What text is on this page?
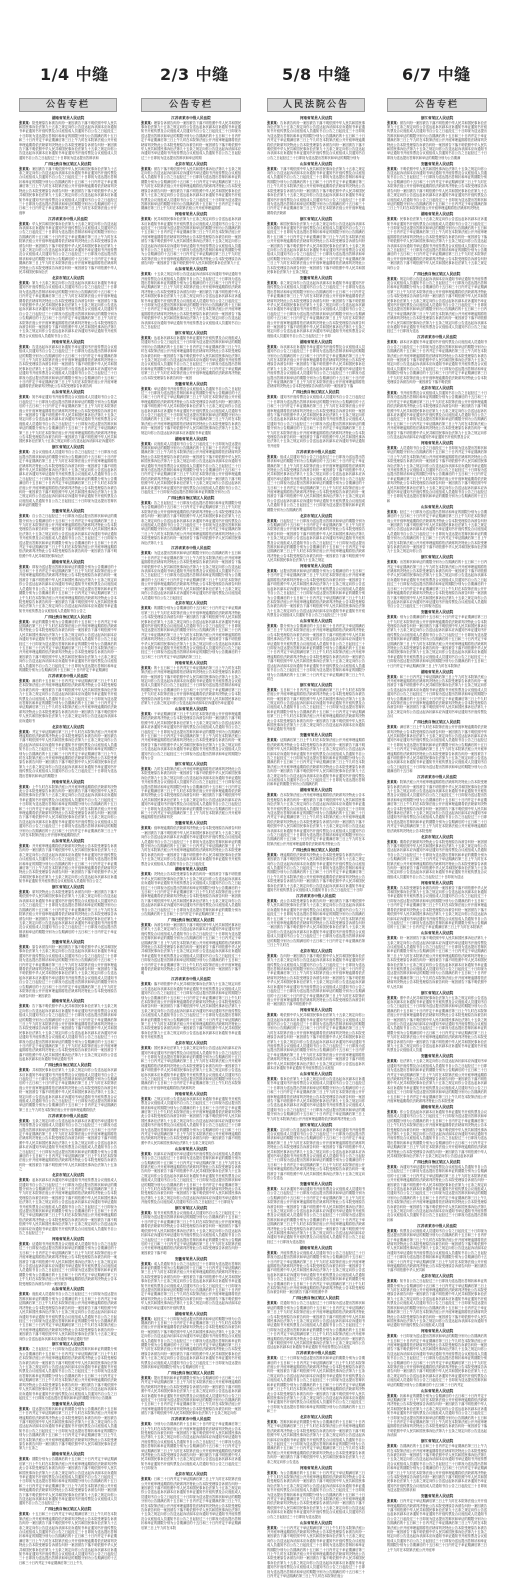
1/4 中缝	2/3 中缝	5/8 中缝	6/7 中缝
公告专栏
湖南省某县人民法院
张某某：院受理原告诉被告纠纷一案因被告下落不明依照中华人民共和国民事诉讼法第九十五条之规定向你公告送达起诉状副本应诉通知书举证通知书开庭传票及合议庭组成人员通知书自公告之日起经过三十日即视为送达提出答辩状和举证的期限分别为公告期满后的十五日和三十日内并定于举证期满后第三日上午九时在本院第法庭公开开庭审理逾期将依法缺席判决特此公告本院受理原告诉被告纠纷一案因被告下落不明依照中华人民共和国民事诉讼法第九十五条之规定向你公告送达起诉状副本应诉通知书举证通知书开庭传票及合议庭组成人员通知书自公告之日起经过三十日即视为送达提出答辩状和
广西壮族自治区某区人民法院
张某某：案因被告下落不明依照中华人民共和国民事诉讼法第九十五条之规定向你公告送达起诉状副本应诉通知书举证通知书开庭传票及合议庭组成人员通知书自公告之日起经过三十日即视为送达提出答辩状和举证的期限分别为公告期满后的十五日和三十日内并定于举证期满后第三日上午九时在本院第法庭公开开庭审理逾期将依法缺席判决特此公告本院受理原告诉被告纠纷一案因被告下落不明依照中华人民共和国民事诉讼法第九十五条之规定向你公告送达起诉状副本应诉通知书举证通知书开庭传票及合议庭组成人员通知书自公告之日起经过三十日即视为送达提出答辩状和举证的期限分别为公告期满后的十五日和三十日内并定于举证期满后第三日上午九时在本院第法庭公开开庭审
江苏省某市中级人民法院
张某某：华人民共和国民事诉讼法第九十五条之规定向你公告送达起诉状副本应诉通知书举证通知书开庭传票及合议庭组成人员通知书自公告之日起经过三十日即视为送达提出答辩状和举证的期限分别为公告期满后的十五日和三十日内并定于举证期满后第三日上午九时在本院第法庭公开开庭审理逾期将依法缺席判决特此公告本院受理原告诉被告纠纷一案因被告下落不明依照中华人民共和国民事诉讼法第九十五条之规定向你公告送达起诉状副本应诉通知书举证通知书开庭传票及合议庭组成人员通知书自公告之日起经过三十日即视为送达提出答辩状和举证的期限分别为公告期满后的十五日和三十日内并定于举证期满后第三日上午九时在本院第法庭公开开庭审理逾期将依法缺席判决特此公告本院受理原告诉被告纠纷一案因被告下落不明依照中华人民共和国民事诉讼法
北京市某区人民法院
张某某：第九十五条之规定向你公告送达起诉状副本应诉通知书举证通知书开庭传票及合议庭组成人员通知书自公告之日起经过三十日即视为送达提出答辩状和举证的期限分别为公告期满后的十五日和三十日内并定于举证期满后第三日上午九时在本院第法庭公开开庭审理逾期将依法缺席判决特此公告本院受理原告诉被告纠纷一案因被告下落不明依照中华人民共和国民事诉讼法第九十五条之规定向你公告送达起诉状副本应诉通知书举证通知书开庭传票及合议庭组成人员通知书自公告之日起经过三十日即视为送达提出答辩状和举证的期限分别为公告期满后的十五日和三十日内并定于举证期满后第三日上午九时在本院第法庭公开开庭审理逾期将依法缺席判决特此公告本院受理原告诉被告纠纷一案因被告下落不明依照中华人民共和国民事诉讼法第九十五条之规定向你公告送达起诉状副本应诉通知书举证通知书开庭传票及合议庭组成人员通知书自公告之
河南省某县人民法院
张某某：告送达起诉状副本应诉通知书举证通知书开庭传票及合议庭组成人员通知书自公告之日起经过三十日即视为送达提出答辩状和举证的期限分别为公告期满后的十五日和三十日内并定于举证期满后第三日上午九时在本院第法庭公开开庭审理逾期将依法缺席判决特此公告本院受理原告诉被告纠纷一案因被告下落不明依照中华人民共和国民事诉讼法第九十五条之规定向你公告送达起诉状副本应诉通知书举证通知书开庭传票及合议庭组成人员通知书自公告之日起经过三十日即视为送达提出答辩状和举证的期限分别为公告期满后的十五日和三十日内并定于举证期满后第三日上午九时在本院第法庭公开开庭审理逾期将依法缺席判决特此公告本院受理原告诉被告纠
山东省某县人民法院
张某某：知书举证通知书开庭传票及合议庭组成人员通知书自公告之日起经过三十日即视为送达提出答辩状和举证的期限分别为公告期满后的十五日和三十日内并定于举证期满后第三日上午九时在本院第法庭公开开庭审理逾期将依法缺席判决特此公告本院受理原告诉被告纠纷一案因被告下落不明依照中华人民共和国民事诉讼法第九十五条之规定向你公告送达起诉状副本应诉通知书举证通知书开庭传票及合议庭组成人员通知书自公告之日起经过三十日即视为送达提出答辩状和举证的期限分别为公告期满后的十五日和三十日内并定于举证期满后第三日上午九时在本院第法庭公开开庭审理逾期将依法缺席判决特此公告本院受理原告诉被告纠纷一案因被告下落不明依照中华人民共和国民事诉讼法第九十五条之规定向你公告送达起诉状副本应诉通知书
浙江省某区人民法院
张某某：及合议庭组成人员通知书自公告之日起经过三十日即视为送达提出答辩状和举证的期限分别为公告期满后的十五日和三十日内并定于举证期满后第三日上午九时在本院第法庭公开开庭审理逾期将依法缺席判决特此公告本院受理原告诉被告纠纷一案因被告下落不明依照中华人民共和国民事诉讼法第九十五条之规定向你公告送达起诉状副本应诉通知书举证通知书开庭传票及合议庭组成人员通知书自公告之日起经过三十日即视为送达提出答辩状和举证的期限分别为公告期满后的十五日和三十日内并定于举证期满后第三日上午九时在本院第法庭公开开庭审理逾期将依法缺席判决特此公告本院受理原告诉被告纠纷一案因被告下落不明依照中华人民共和国民事诉讼法第九十五条之规定向你公告送达起诉状副本应诉通知书举证通知书开庭传票及合议庭组成人员通知书自公告之日起经过三十日即视为送达提出答辩状和举证的期限分
安徽省某县人民法院
张某某：自公告之日起经过三十日即视为送达提出答辩状和举证的期限分别为公告期满后的十五日和三十日内并定于举证期满后第三日上午九时在本院第法庭公开开庭审理逾期将依法缺席判决特此公告本院受理原告诉被告纠纷一案因被告下落不明依照中华人民共和国民事诉讼法第九十五条之规定向你公告送达起诉状副本应诉通知书举证通知书开庭传票及合议庭组成人员通知书自公告之日起经过三十日即视为送达提出答辩状和举证的期限分别为公告期满后的十五日和三十日内并定于举证期满后第三日上午九时在本院第法庭公开开庭审理逾期将依法缺席判决特此公告本院受理原告诉被告纠纷一案因被告下落不明依照中华人民共和国民事诉讼法
湖南省某县人民法院
张某某：即视为送达提出答辩状和举证的期限分别为公告期满后的十五日和三十日内并定于举证期满后第三日上午九时在本院第法庭公开开庭审理逾期将依法缺席判决特此公告本院受理原告诉被告纠纷一案因被告下落不明依照中华人民共和国民事诉讼法第九十五条之规定向你公告送达起诉状副本应诉通知书举证通知书开庭传票及合议庭组成人员通知书自公告之日起经过三十日即视为送达提出答辩状和举证的期限分别为公告期满后的十五日和三十日内并定于举证期满后第三日上午九时在本院第法庭公开开庭审理逾期将依法缺席判决特此公告本院受理原告诉被告纠纷一案因被告下落不明依照中华人民共和国民事诉讼法第九十五条之规定向你公告送达起诉状副本应诉通知书举证通知书开庭传票及合议庭组成人员通知书自公告之
广西壮族自治区某区人民法院
张某某：举证的期限分别为公告期满后的十五日和三十日内并定于举证期满后第三日上午九时在本院第法庭公开开庭审理逾期将依法缺席判决特此公告本院受理原告诉被告纠纷一案因被告下落不明依照中华人民共和国民事诉讼法第九十五条之规定向你公告送达起诉状副本应诉通知书举证通知书开庭传票及合议庭组成人员通知书自公告之日起经过三十日即视为送达提出答辩状和举证的期限分别为公告期满后的十五日和三十日内并定于举证期满后第三日上午九时在本院第法庭公开开庭审理逾期将依法缺席判决特此公告本院受理原告诉被告纠纷一案因被告下落不明依照中华人民共和国民事诉讼法第九十五条之规定向你公告送达起诉状副本应诉通知书举证通知书开庭传票及合议庭组成人员通知书自公告之日起经过三十日即视为送达提出答辩状和举证的期限分别为公告期满后的十五日和三十日内并定于举证期满后
江苏省某市中级人民法院
张某某：满后的十五日和三十日内并定于举证期满后第三日上午九时在本院第法庭公开开庭审理逾期将依法缺席判决特此公告本院受理原告诉被告纠纷一案因被告下落不明依照中华人民共和国民事诉讼法第九十五条之规定向你公告送达起诉状副本应诉通知书举证通知书开庭传票及合议庭组成人员通知书自公告之日起经过三十日即视为送达提出答辩状和举证的期限分别为公告期满后的十五日和三十日内并定于举证期满后第三日上午九时在本院第法庭公开开庭审理逾期将依法缺席判决特此公告本院受理原告诉被告纠纷一案因被告下落不明依照中华人民共和国民事诉讼法第九十五条之规定向你公告送达起诉状副本应诉通知书
北京市某区人民法院
张某某：并定于举证期满后第三日上午九时在本院第法庭公开开庭审理逾期将依法缺席判决特此公告本院受理原告诉被告纠纷一案因被告下落不明依照中华人民共和国民事诉讼法第九十五条之规定向你公告送达起诉状副本应诉通知书举证通知书开庭传票及合议庭组成人员通知书自公告之日起经过三十日即视为送达提出答辩状和举证的期限分别为公告期满后的十五日和三十日内并定于举证期满后第三日上午九时在本院第法庭公开开庭审理逾期将依法缺席判决特此公告本院受理原告诉被告纠纷一案因被告下落不明依照中华人民共和国民事诉讼法第九十五条之规定向你公告送达起诉状副本应诉通知书举证通知书开庭传票及合议庭组成人员通知书自公告之日起经过三十日即视为送达提出答辩状和举证的期限分
河南省某县人民法院
张某某：上午九时在本院第法庭公开开庭审理逾期将依法缺席判决特此公告本院受理原告诉被告纠纷一案因被告下落不明依照中华人民共和国民事诉讼法第九十五条之规定向你公告送达起诉状副本应诉通知书举证通知书开庭传票及合议庭组成人员通知书自公告之日起经过三十日即视为送达提出答辩状和举证的期限分别为公告期满后的十五日和三十日内并定于举证期满后第三日上午九时在本院第法庭公开开庭审理逾期将依法缺席判决特此公告本院受理原告诉被告纠纷一案因被告下落不明依照中华人民共和国民事诉讼法第九十五条之规定向你公告送达起诉状副本应诉通知书举证通知书开庭传票及合议庭组成人员通知书自公告之日起经过三十日即视为送达提出答辩状和举证的期限分别为公告期满后的十五日和三十日内并定于举证期满后第三日上午九时在本院第法庭公开开庭审理逾期将依法
山东省某县人民法院
张某某：开开庭审理逾期将依法缺席判决特此公告本院受理原告诉被告纠纷一案因被告下落不明依照中华人民共和国民事诉讼法第九十五条之规定向你公告送达起诉状副本应诉通知书举证通知书开庭传票及合议庭组成人员通知书自公告之日起经过三十日即视为送达提出答辩状和举证的期限分别为公告期满后的十五日和三十日内并定于举证期满后第三日上午九时在本院第法庭公开开庭审理逾期将依法缺席判决特此公告本院受理原告诉被告纠纷一案因被告下落不明依照中华人民共和国民事诉讼法第九十五条之规定向你公告送达起诉状副本应诉通知书举证通知书开庭传票及合议庭组成人员通知书自公告之
浙江省某区人民法院
张某某：席判决特此公告本院受理原告诉被告纠纷一案因被告下落不明依照中华人民共和国民事诉讼法第九十五条之规定向你公告送达起诉状副本应诉通知书举证通知书开庭传票及合议庭组成人员通知书自公告之日起经过三十日即视为送达提出答辩状和举证的期限分别为公告期满后的十五日和三十日内并定于举证期满后第三日上午九时在本院第法庭公开开庭审理逾期将依法缺席判决特此公告本院受理原告诉被告纠纷一案因被告下落不明依照中华人民共和国民事诉讼法第九十五条之规定向你公告送达起诉状副本应诉通知书举证通知书开庭传票及合议庭组成人员通知书自公告之日起经过三十日即视为送达提出答辩状和举证的期限分别为公告期满后的十五日和三十日内并定于举证期满后
安徽省某县人民法院
张某某：原告诉被告纠纷一案因被告下落不明依照中华人民共和国民事诉讼法第九十五条之规定向你公告送达起诉状副本应诉通知书举证通知书开庭传票及合议庭组成人员通知书自公告之日起经过三十日即视为送达提出答辩状和举证的期限分别为公告期满后的十五日和三十日内并定于举证期满后第三日上午九时在本院第法庭公开开庭审理逾期将依法缺席判决特此公告本院受理原告诉被告纠纷一案因被告下落不明依照中华人民共和国民事诉讼法第九十五条之规定向你公告送达起诉状副本应诉通知书举证通知书开庭传票及合议庭组成人员通知书自公告之日起经过三十日即视为送达提出答辩状和举证的期限分别为公告期满后的十五日和三十日内并定于举证期满后第三日上午九时在本院第法庭公开开庭审理逾期将依法缺席判决特此公告本院受理原告诉被告纠纷一案因被告
湖南省某县人民法院
张某某：告下落不明依照中华人民共和国民事诉讼法第九十五条之规定向你公告送达起诉状副本应诉通知书举证通知书开庭传票及合议庭组成人员通知书自公告之日起经过三十日即视为送达提出答辩状和举证的期限分别为公告期满后的十五日和三十日内并定于举证期满后第三日上午九时在本院第法庭公开开庭审理逾期将依法缺席判决特此公告本院受理原告诉被告纠纷一案因被告下落不明依照中华人民共和国民事诉讼法第九十五条之规定向你公告送达起诉状副本应诉通知书举证通知书开庭传票及合议庭组成人员通知书自公告之日起经过三十日即视为送达提出答辩状和举证的期限分别为公告期满后的十五日和三十日内并定于举证期满后第三日上午九时在本院第法庭公开开庭审理逾期将依法缺席判决特此公告本院受理原告诉被告纠纷一案因被告下落不明依照中华人民共和国民事诉讼法第九十五条之规定向你公告送达起诉状副本应诉通知书举证通知书开
广西壮族自治区某区人民法院
张某某：共和国民事诉讼法第九十五条之规定向你公告送达起诉状副本应诉通知书举证通知书开庭传票及合议庭组成人员通知书自公告之日起经过三十日即视为送达提出答辩状和举证的期限分别为公告期满后的十五日和三十日内并定于举证期满后第三日上午九时在本院第法庭公开开庭审理逾期将依法缺席判决特此公告本院受理原告诉被告纠纷一案因被告下落不明依照中华人民共和国民事诉讼法第九十五条之规定向你公告送达起诉状副本应诉通知书举证通知书开庭传票及合议庭组成人员通知书自公告之日起经过三十日即视为送达提出答辩状和举证的期限分别为公告期满后的十五日和三十日内并定于举证期满后第三日上午九时在本院第法庭公开开庭审理逾期将依法
江苏省某市中级人民法院
张某某：五条之规定向你公告送达起诉状副本应诉通知书举证通知书开庭传票及合议庭组成人员通知书自公告之日起经过三十日即视为送达提出答辩状和举证的期限分别为公告期满后的十五日和三十日内并定于举证期满后第三日上午九时在本院第法庭公开开庭审理逾期将依法缺席判决特此公告本院受理原告诉被告纠纷一案因被告下落不明依照中华人民共和国民事诉讼法第九十五条之规定向你公告送达起诉状副本应诉通知书举证通知书开庭传票及合议庭组成人员通知书自公告之日起经过三十日即视为送达提出答辩状和举证的期限分别为公告期满后的十五日和三十日内并定于举证期满后第三日上午九时在本院第法庭公开开庭审理逾期将依法缺席判决特此公告本院受理原告诉被告纠纷一案因被告下落不明依照中华人民共和国民事诉讼法第九十五条之
北京市某区人民法院
张某某：起诉状副本应诉通知书举证通知书开庭传票及合议庭组成人员通知书自公告之日起经过三十日即视为送达提出答辩状和举证的期限分别为公告期满后的十五日和三十日内并定于举证期满后第三日上午九时在本院第法庭公开开庭审理逾期将依法缺席判决特此公告本院受理原告诉被告纠纷一案因被告下落不明依照中华人民共和国民事诉讼法第九十五条之规定向你公告送达起诉状副本应诉通知书举证通知书开庭传票及合议庭组成人员通知书自公告之日起经过三十日即视为送达提出答辩状和举证的期限分别为公告期满后的十五日和三十日内并定于举证期满后第三日上午九时在本院第法庭公开开庭审理逾期将依法缺席判决特此公告本院受理原告诉被告纠纷一案因被告下落不明依照中华人民共和国民事诉讼法第九十五条之规定向你公告送达起诉状副本应诉通知书举证通知书开庭传票及合议庭组成人员通知书自公告之日起经过三十
河南省某县人民法院
张某某：证通知书开庭传票及合议庭组成人员通知书自公告之日起经过三十日即视为送达提出答辩状和举证的期限分别为公告期满后的十五日和三十日内并定于举证期满后第三日上午九时在本院第法庭公开开庭审理逾期将依法缺席判决特此公告本院受理原告诉被告纠纷一案因被告下落不明依照中华人民共和国民事诉讼法第九十五条之规定向你公告送达起诉状副本应诉通知书举证通知书开庭传票及合议庭组成人员通知书自公告之日起经过三十日即视为送达提出答辩状和举证的期限分别为公告期满后的十五日和三十日内并定于举证期满后第三日上午九时在本院第法庭公开开庭审理逾期将依法缺席判决特此公告本院受理原告诉被告纠纷一案因被告
山东省某县人民法院
张某某：庭组成人员通知书自公告之日起经过三十日即视为送达提出答辩状和举证的期限分别为公告期满后的十五日和三十日内并定于举证期满后第三日上午九时在本院第法庭公开开庭审理逾期将依法缺席判决特此公告本院受理原告诉被告纠纷一案因被告下落不明依照中华人民共和国民事诉讼法第九十五条之规定向你公告送达起诉状副本应诉通知书举证通知书开庭传票及合议庭组成人员通知书自公告之日起经过三十日即视为送达提出答辩状和举证的期限分别为公告期满后的十五日和三十日内并定于举证期满后第三日上午九时在本院第法庭公开开庭审理逾期将依法缺席判决特此公告本院受理原告诉被告纠纷一案因被告下落不明依照中华人民共和国民事诉讼法第九十五条之规定向你公告送达起诉状副本应诉通知书举证通知书开
浙江省某区人民法院
张某某：之日起经过三十日即视为送达提出答辩状和举证的期限分别为公告期满后的十五日和三十日内并定于举证期满后第三日上午九时在本院第法庭公开开庭审理逾期将依法缺席判决特此公告本院受理原告诉被告纠纷一案因被告下落不明依照中华人民共和国民事诉讼法第九十五条之规定向你公告送达起诉状副本应诉通知书举证通知书开庭传票及合议庭组成人员通知书自公告之日起经过三十日即视为送达提出答辩状和举证的期限分别为公告期满后的十五日和三十日内并定于举证期满后第三日上午九时在本院第法庭公开开庭审理逾期将依法缺席判决特此公告本院受理原告诉被告纠纷一案因被告下落不明依照中华人民共和国民事诉讼法第九十五条之规定向你公告送达起诉状副本应诉通知书举证通知书开庭传票及合议庭组成人员通知书自公告之日起经过三十日即视为送达提出答辩状和举证的期限分别为公告期满
安徽省某县人民法院
张某某：送达提出答辩状和举证的期限分别为公告期满后的十五日和三十日内并定于举证期满后第三日上午九时在本院第法庭公开开庭审理逾期将依法缺席判决特此公告本院受理原告诉被告纠纷一案因被告下落不明依照中华人民共和国民事诉讼法第九十五条之规定向你公告送达起诉状副本应诉通知书举证通知书开庭传票及合议庭组成人员通知书自公告之日起经过三十日即视为送达提出答辩状和举证的期限分别为公告期满后的十五日和三十日内并定于举证期满后第三日上午九时在本院第法庭公开开庭审理逾期将依法缺席判决特此公告本院受理原告诉被告纠纷一案因被告下落不明依照中华人民共和国民事诉讼法第九十五条之
湖南省某县人民法院
张某某：期限分别为公告期满后的十五日和三十日内并定于举证期满后第三日上午九时在本院第法庭公开开庭审理逾期将依法缺席判决特此公告本院受理原告诉被告纠纷一案因被告下落不明依照中华人民共和国民事诉讼法第九十五条之规定向你公告送达起诉状副本应诉通知书举证通知书开庭传票及合议庭组成人员通知书自公告之日起经过三十日即视为送达提出答辩状和举证的期限分别为公告期满后的十五日和三十日内并定于举证期满后第三日上午九时在本院第法庭公开开庭审理逾期将依法缺席判决特此公告本院受理原告诉被告纠纷一案因被告下落不明依照中华人民共和国民事诉讼法第九十五条之规定向你公告送达起诉状副本应诉通知书举证通知书开庭传票及合议庭组成人员通知书自公告之日起经过三十
广西壮族自治区某区人民法院
张某某：十五日和三十日内并定于举证期满后第三日上午九时在本院第法庭公开开庭审理逾期将依法缺席判决特此公告本院受理原告诉被告纠纷一案因被告下落不明依照中华人民共和国民事诉讼法第九十五条之规定向你公告送达起诉状副本应诉通知书举证通知书开庭传票及合议庭组成人员通知书自公告之日起经过三十日即视为送达提出答辩状和举证的期限分别为公告期满后的十五日和三十日内并定于举证期满后第三日上午九时在本院第法庭公开开庭审理逾期将依法缺席判决特此公告本院受理原告诉被告纠纷一案因被告下落不明依照中华人民共和国民事诉讼法第九十五条之规定向你公告送达起诉状副本应诉通知书举证通知书开庭传票及合议庭组成人员通知书自公告之日起经过三十日即视为送达提出答辩状和举证的期限分别为公告期满后的十五日和三十日内并定于举证期满后第三日上午九
公告专栏
江苏省某市中级人民法院
张某某：理原告诉被告纠纷一案因被告下落不明依照中华人民共和国民事诉讼法第九十五条之规定向你公告送达起诉状副本应诉通知书举证通知书开庭传票及合议庭组成人员通知书自公告之日起经过三十日即视为送达提出答辩状和举证的期限分别为公告期满后的十五日和三十日内并定于举证期满后第三日上午九时在本院第法庭公开开庭审理逾期将依法缺席判决特此公告本院受理原告诉被告纠纷一案因被告下落不明依照中华人民共和国民事诉讼法第九十五条之规定向你公告送达起诉状副本应诉通知书举证通知书开庭传票及合议庭组成人员通知书自公告之日起经过三十日即视为送达提出答辩状和举证的期
北京市某区人民法院
张某某：被告下落不明依照中华人民共和国民事诉讼法第九十五条之规定向你公告送达起诉状副本应诉通知书举证通知书开庭传票及合议庭组成人员通知书自公告之日起经过三十日即视为送达提出答辩状和举证的期限分别为公告期满后的十五日和三十日内并定于举证期满后第三日上午九时在本院第法庭公开开庭审理逾期将依法缺席判决特此公告本院受理原告诉被告纠纷一案因被告下落不明依照中华人民共和国民事诉讼法第九十五条之规定向你公告送达起诉状副本应诉通知书举证通知书开庭传票及合议庭组成人员通知书自公告之日起经过三十日即视为送达提出答辩状和举证的期限分别为公告期满后的十五日和三十日内并定于举证期满后第三日上午九时在本院第法庭公开开庭审理逾期将
河南省某县人民法院
张某某：民共和国民事诉讼法第九十五条之规定向你公告送达起诉状副本应诉通知书举证通知书开庭传票及合议庭组成人员通知书自公告之日起经过三十日即视为送达提出答辩状和举证的期限分别为公告期满后的十五日和三十日内并定于举证期满后第三日上午九时在本院第法庭公开开庭审理逾期将依法缺席判决特此公告本院受理原告诉被告纠纷一案因被告下落不明依照中华人民共和国民事诉讼法第九十五条之规定向你公告送达起诉状副本应诉通知书举证通知书开庭传票及合议庭组成人员通知书自公告之日起经过三十日即视为送达提出答辩状和举证的期限分别为公告期满后的十五日和三十日内并定于举证期满后第三日上午九时在本院第法庭公开开庭审理逾期将依法缺席判决特此公告本院受理原告诉被告纠纷一案因被告下落不明依照中华人民共和国民事诉讼法第九十五
山东省某县人民法院
张某某：十五条之规定向你公告送达起诉状副本应诉通知书举证通知书开庭传票及合议庭组成人员通知书自公告之日起经过三十日即视为送达提出答辩状和举证的期限分别为公告期满后的十五日和三十日内并定于举证期满后第三日上午九时在本院第法庭公开开庭审理逾期将依法缺席判决特此公告本院受理原告诉被告纠纷一案因被告下落不明依照中华人民共和国民事诉讼法第九十五条之规定向你公告送达起诉状副本应诉通知书举证通知书开庭传票及合议庭组成人员通知书自公告之日起经过三十日即视为送达提出答辩状和举证的期限分别为公告期满后的十五日和三十日内并定于举证期满后第三日上午九时在本院第法庭公开开庭审理逾期将依法缺席判决特此公告本院受理原告诉被告纠纷一案因被告下落不明依照中华人民共和国民事诉讼法第九十五条之规定向你公告送达起诉状副本应诉通知书举证通知书开庭传票及合议庭组成人员通知书自公告之日起经过
浙江省某区人民法院
张某某：达起诉状副本应诉通知书举证通知书开庭传票及合议庭组成人员通知书自公告之日起经过三十日即视为送达提出答辩状和举证的期限分别为公告期满后的十五日和三十日内并定于举证期满后第三日上午九时在本院第法庭公开开庭审理逾期将依法缺席判决特此公告本院受理原告诉被告纠纷一案因被告下落不明依照中华人民共和国民事诉讼法第九十五条之规定向你公告送达起诉状副本应诉通知书举证通知书开庭传票及合议庭组成人员通知书自公告之日起经过三十日即视为送达提出答辩状和举证的期限分别为公告期满后的十五日和三十日内并定于举证期满后第三日上午九时在本院第法庭公开开庭审理逾期将依法缺席判决特此公告本院受理原告诉被告纠纷一案因
安徽省某县人民法院
张某某：举证通知书开庭传票及合议庭组成人员通知书自公告之日起经过三十日即视为送达提出答辩状和举证的期限分别为公告期满后的十五日和三十日内并定于举证期满后第三日上午九时在本院第法庭公开开庭审理逾期将依法缺席判决特此公告本院受理原告诉被告纠纷一案因被告下落不明依照中华人民共和国民事诉讼法第九十五条之规定向你公告送达起诉状副本应诉通知书举证通知书开庭传票及合议庭组成人员通知书自公告之日起经过三十日即视为送达提出答辩状和举证的期限分别为公告期满后的十五日和三十日内并定于举证期满后第三日上午九时在本院第法庭公开开庭审理逾期将依法缺席判决特此公告本院受理原告诉被告纠纷一案因被告下落不明依照中华人民共和国民事诉讼法第九十五条之规定向你公告送达起诉状副本应诉通知书举证通知
湖南省某县人民法院
张某某：议庭组成人员通知书自公告之日起经过三十日即视为送达提出答辩状和举证的期限分别为公告期满后的十五日和三十日内并定于举证期满后第三日上午九时在本院第法庭公开开庭审理逾期将依法缺席判决特此公告本院受理原告诉被告纠纷一案因被告下落不明依照中华人民共和国民事诉讼法第九十五条之规定向你公告送达起诉状副本应诉通知书举证通知书开庭传票及合议庭组成人员通知书自公告之日起经过三十日即视为送达提出答辩状和举证的期限分别为公告期满后的十五日和三十日内并定于举证期满后第三日上午九时在本院第法庭公开开庭审理逾期将依法缺席判决特此公告本院受理原告诉被告纠纷一案因被告下落不明依照中华人民共和国民事诉讼法第九十五条之规定向你公告送达起诉状副本应诉通知书举证通知书开庭传票及合议庭组成人员通知书自公告之日起经过三十日即视为送达提出答辩状和举证的期限分别为公告
广西壮族自治区某区人民法院
张某某：告之日起经过三十日即视为送达提出答辩状和举证的期限分别为公告期满后的十五日和三十日内并定于举证期满后第三日上午九时在本院第法庭公开开庭审理逾期将依法缺席判决特此公告本院受理原告诉被告纠纷一案因被告下落不明依照中华人民共和国民事诉讼法第九十五条之规定向你公告送达起诉状副本应诉通知书举证通知书开庭传票及合议庭组成人员通知书自公告之日起经过三十日即视为送达提出答辩状和举证的期限分别为公告期满后的十五日和三十日内并定于举证期满后第三日上午九时在本院第法庭公开开庭审理逾期将依法缺席判决特此公告本院受理原告诉被告纠纷一案因被告下落不明依照中华人民共和国民事诉讼法第九十五
江苏省某市中级人民法院
张某某：为送达提出答辩状和举证的期限分别为公告期满后的十五日和三十日内并定于举证期满后第三日上午九时在本院第法庭公开开庭审理逾期将依法缺席判决特此公告本院受理原告诉被告纠纷一案因被告下落不明依照中华人民共和国民事诉讼法第九十五条之规定向你公告送达起诉状副本应诉通知书举证通知书开庭传票及合议庭组成人员通知书自公告之日起经过三十日即视为送达提出答辩状和举证的期限分别为公告期满后的十五日和三十日内并定于举证期满后第三日上午九时在本院第法庭公开开庭审理逾期将依法缺席判决特此公告本院受理原告诉被告纠纷一案因被告下落不明依照中华人民共和国民事诉讼法第九十五条之规定向你公告送达起诉状副本应诉通知书举证通知书开庭传票及合议庭组成人员通知书自公告之日起经过
北京市某区人民法院
张某某：的期限分别为公告期满后的十五日和三十日内并定于举证期满后第三日上午九时在本院第法庭公开开庭审理逾期将依法缺席判决特此公告本院受理原告诉被告纠纷一案因被告下落不明依照中华人民共和国民事诉讼法第九十五条之规定向你公告送达起诉状副本应诉通知书举证通知书开庭传票及合议庭组成人员通知书自公告之日起经过三十日即视为送达提出答辩状和举证的期限分别为公告期满后的十五日和三十日内并定于举证期满后第三日上午九时在本院第法庭公开开庭审理逾期将依法缺席判决特此公告本院受理原告诉被告纠纷一案因被告下落不明依照中华人民共和国民事诉讼法第九十五条之规定向你公告送达起诉状副本应诉通知书举证通知书开庭传票及合议庭组成人员通知书自公告之日起经过三十日即视为送达提出答辩状和举证的期限分别为公告期满后的十五日和三十日内并定于举证期满后第三日上
河南省某县人民法院
张某某：的十五日和三十日内并定于举证期满后第三日上午九时在本院第法庭公开开庭审理逾期将依法缺席判决特此公告本院受理原告诉被告纠纷一案因被告下落不明依照中华人民共和国民事诉讼法第九十五条之规定向你公告送达起诉状副本应诉通知书举证通知书开庭传票及合议庭组成人员通知书自公告之日起经过三十日即视为送达提出答辩状和举证的期限分别为公告期满后的十五日和三十日内并定于举证期满后第三日上午九时在本院第法庭公开开庭审理逾期将依法缺席判决特此公告本院受理原告诉被告纠纷一案因被告下落不明依照中华人民共和国民事诉讼法第九十五条之规定向你公告送达起诉状副本应诉通知书举证通知
山东省某县人民法院
张某某：于举证期满后第三日上午九时在本院第法庭公开开庭审理逾期将依法缺席判决特此公告本院受理原告诉被告纠纷一案因被告下落不明依照中华人民共和国民事诉讼法第九十五条之规定向你公告送达起诉状副本应诉通知书举证通知书开庭传票及合议庭组成人员通知书自公告之日起经过三十日即视为送达提出答辩状和举证的期限分别为公告期满后的十五日和三十日内并定于举证期满后第三日上午九时在本院第法庭公开开庭审理逾期将依法缺席判决特此公告本院受理原告诉被告纠纷一案因被告下落不明依照中华人民共和国民事诉讼法第九十五条之规定向你公告送达起诉状副本应诉通知书举证通知书开庭传票及合议庭组成人员通知书自公告之日起经过三十日即视为送达提出答辩状和举证的期限分别为公告
浙江省某区人民法院
张某某：九时在本院第法庭公开开庭审理逾期将依法缺席判决特此公告本院受理原告诉被告纠纷一案因被告下落不明依照中华人民共和国民事诉讼法第九十五条之规定向你公告送达起诉状副本应诉通知书举证通知书开庭传票及合议庭组成人员通知书自公告之日起经过三十日即视为送达提出答辩状和举证的期限分别为公告期满后的十五日和三十日内并定于举证期满后第三日上午九时在本院第法庭公开开庭审理逾期将依法缺席判决特此公告本院受理原告诉被告纠纷一案因被告下落不明依照中华人民共和国民事诉讼法第九十五条之规定向你公告送达起诉状副本应诉通知书举证通知书开庭传票及合议庭组成人员通知书自公告之日起经过三十日即视为送达提出答辩状和举证的期限分别为公告期满后的十五日和三十日内并定于举证期满后第三日上午九时在本院第法庭公开开庭审理逾期将依法缺席判决
安徽省某县人民法院
张某某：庭审理逾期将依法缺席判决特此公告本院受理原告诉被告纠纷一案因被告下落不明依照中华人民共和国民事诉讼法第九十五条之规定向你公告送达起诉状副本应诉通知书举证通知书开庭传票及合议庭组成人员通知书自公告之日起经过三十日即视为送达提出答辩状和举证的期限分别为公告期满后的十五日和三十日内并定于举证期满后第三日上午九时在本院第法庭公开开庭审理逾期将依法缺席判决特此公告本院受理原告诉被告纠纷一案因被告下落不明依照中华人民共和国民事诉讼法第九十五条之规定向你公告送达起诉状副本应诉通知书举证通知书开庭传票及合议庭组成人员通知书自公告之日起经过
湖南省某县人民法院
张某某：决特此公告本院受理原告诉被告纠纷一案因被告下落不明依照中华人民共和国民事诉讼法第九十五条之规定向你公告送达起诉状副本应诉通知书举证通知书开庭传票及合议庭组成人员通知书自公告之日起经过三十日即视为送达提出答辩状和举证的期限分别为公告期满后的十五日和三十日内并定于举证期满后第三日上午九时在本院第法庭公开开庭审理逾期将依法缺席判决特此公告本院受理原告诉被告纠纷一案因被告下落不明依照中华人民共和国民事诉讼法第九十五条之规定向你公告送达起诉状副本应诉通知书举证通知书开庭传票及合议庭组成人员通知书自公告之日起经过三十日即视为送达提出答辩状和举证的期限分别为公告期满后的十五日和三十日内并定于举证期满后第三日上
广西壮族自治区某区人民法院
张某某：诉被告纠纷一案因被告下落不明依照中华人民共和国民事诉讼法第九十五条之规定向你公告送达起诉状副本应诉通知书举证通知书开庭传票及合议庭组成人员通知书自公告之日起经过三十日即视为送达提出答辩状和举证的期限分别为公告期满后的十五日和三十日内并定于举证期满后第三日上午九时在本院第法庭公开开庭审理逾期将依法缺席判决特此公告本院受理原告诉被告纠纷一案因被告下落不明依照中华人民共和国民事诉讼法第九十五条之规定向你公告送达起诉状副本应诉通知书举证通知书开庭传票及合议庭组成人员通知书自公告之日起经过三十日即视为送达提出答辩状和举证的期限分别为公告期满后的十五日和三十日内并定于举证期满后第三日上午九时在本院第法庭公开开庭审理逾期将依法缺席判决特此公告本院受理原告诉被告纠纷一案因被告下落不明
江苏省某市中级人民法院
张某某：落不明依照中华人民共和国民事诉讼法第九十五条之规定向你公告送达起诉状副本应诉通知书举证通知书开庭传票及合议庭组成人员通知书自公告之日起经过三十日即视为送达提出答辩状和举证的期限分别为公告期满后的十五日和三十日内并定于举证期满后第三日上午九时在本院第法庭公开开庭审理逾期将依法缺席判决特此公告本院受理原告诉被告纠纷一案因被告下落不明依照中华人民共和国民事诉讼法第九十五条之规定向你公告送达起诉状副本应诉通知书举证通知书开庭传票及合议庭组成人员通知书自公告之日起经过三十日即视为送达提出答辩状和举证的期限分别为公告期满后的十五日和三十日内并定于举证期满后第三日上午九时在本院第法庭公开开庭审理逾期将依法缺席判决特此公告本院受理原告诉被告纠纷一案因被告下落不明依照中华人民共和国民事诉讼法第九十五条之规定向你公告送达起诉状副本应诉通知书举证通知书开庭传票及
北京市某区人民法院
张某某：国民事诉讼法第九十五条之规定向你公告送达起诉状副本应诉通知书举证通知书开庭传票及合议庭组成人员通知书自公告之日起经过三十日即视为送达提出答辩状和举证的期限分别为公告期满后的十五日和三十日内并定于举证期满后第三日上午九时在本院第法庭公开开庭审理逾期将依法缺席判决特此公告本院受理原告诉被告纠纷一案因被告下落不明依照中华人民共和国民事诉讼法第九十五条之规定向你公告送达起诉状副本应诉通知书举证通知书开庭传票及合议庭组成人员通知书自公告之日起经过三十日即视为送达提出答辩状和举证的期限分别为公告期满后的十五日和三十日内并定于举证期满后第三日上午九时在本院第法庭公开开庭审理逾期将依法缺席判决
河南省某县人民法院
张某某：之规定向你公告送达起诉状副本应诉通知书举证通知书开庭传票及合议庭组成人员通知书自公告之日起经过三十日即视为送达提出答辩状和举证的期限分别为公告期满后的十五日和三十日内并定于举证期满后第三日上午九时在本院第法庭公开开庭审理逾期将依法缺席判决特此公告本院受理原告诉被告纠纷一案因被告下落不明依照中华人民共和国民事诉讼法第九十五条之规定向你公告送达起诉状副本应诉通知书举证通知书开庭传票及合议庭组成人员通知书自公告之日起经过三十日即视为送达提出答辩状和举证的期限分别为公告期满后的十五日和三十日内并定于举证期满后第三日上午九时在本院第法庭公开开庭审理逾期将依法缺席判决特此公告本院受理原告诉被告纠纷一案因被告下落不明依照中华人民共和国民事诉讼法第九十五条之规定向你
山东省某县人民法院
张某某：状副本应诉通知书举证通知书开庭传票及合议庭组成人员通知书自公告之日起经过三十日即视为送达提出答辩状和举证的期限分别为公告期满后的十五日和三十日内并定于举证期满后第三日上午九时在本院第法庭公开开庭审理逾期将依法缺席判决特此公告本院受理原告诉被告纠纷一案因被告下落不明依照中华人民共和国民事诉讼法第九十五条之规定向你公告送达起诉状副本应诉通知书举证通知书开庭传票及合议庭组成人员通知书自公告之日起经过三十日即视为送达提出答辩状和举证的期限分别为公告期满后的十五日和三十日内并定于举证期满后第三日上午九时在本院第法庭公开开庭审理逾期将依法缺席判决特此公告本院受理原告诉被告纠纷一案因被告下落不明依照中华人民共和国民事诉讼法第九十五条之规定向你公告送达起诉状副本应诉通知书举证通知书开庭传票及合议庭组成人员通知书自公告之日起经过三十日即视为
浙江省某区人民法院
张某某：知书开庭传票及合议庭组成人员通知书自公告之日起经过三十日即视为送达提出答辩状和举证的期限分别为公告期满后的十五日和三十日内并定于举证期满后第三日上午九时在本院第法庭公开开庭审理逾期将依法缺席判决特此公告本院受理原告诉被告纠纷一案因被告下落不明依照中华人民共和国民事诉讼法第九十五条之规定向你公告送达起诉状副本应诉通知书举证通知书开庭传票及合议庭组成人员通知书自公告之日起经过三十日即视为送达提出答辩状和举证的期限分别为公告期满后的十五日和三十日内并定于举证期满后第三日上午九时在本院第法庭公开开庭审理逾期将依法缺席判决特此公告本院受理原告诉被告纠纷一案因被告下落不明
安徽省某县人民法院
张某某：成人员通知书自公告之日起经过三十日即视为送达提出答辩状和举证的期限分别为公告期满后的十五日和三十日内并定于举证期满后第三日上午九时在本院第法庭公开开庭审理逾期将依法缺席判决特此公告本院受理原告诉被告纠纷一案因被告下落不明依照中华人民共和国民事诉讼法第九十五条之规定向你公告送达起诉状副本应诉通知书举证通知书开庭传票及合议庭组成人员通知书自公告之日起经过三十日即视为送达提出答辩状和举证的期限分别为公告期满后的十五日和三十日内并定于举证期满后第三日上午九时在本院第法庭公开开庭审理逾期将依法缺席判决特此公告本院受理原告诉被告纠纷一案因被告下落不明依照中华人民共和国民事诉讼法第九十五条之规定向你公告送达起诉状副本应诉通知书举证通知书开庭传票及
湖南省某县人民法院
张某某：起经过三十日即视为送达提出答辩状和举证的期限分别为公告期满后的十五日和三十日内并定于举证期满后第三日上午九时在本院第法庭公开开庭审理逾期将依法缺席判决特此公告本院受理原告诉被告纠纷一案因被告下落不明依照中华人民共和国民事诉讼法第九十五条之规定向你公告送达起诉状副本应诉通知书举证通知书开庭传票及合议庭组成人员通知书自公告之日起经过三十日即视为送达提出答辩状和举证的期限分别为公告期满后的十五日和三十日内并定于举证期满后第三日上午九时在本院第法庭公开开庭审理逾期将依法缺席判决特此公告本院受理原告诉被告纠纷一案因被告下落不明依照中华人民共和国民事诉讼法第九十五条之规定向你公告送达起诉状副本应诉通知书举证通知书开庭传票及合议庭组成人员通知书自公告之日起经过三十日即视为送达提出答辩状和举证的期限分别为公告期满后的十五
广西壮族自治区某区人民法院
张某某：提出答辩状和举证的期限分别为公告期满后的十五日和三十日内并定于举证期满后第三日上午九时在本院第法庭公开开庭审理逾期将依法缺席判决特此公告本院受理原告诉被告纠纷一案因被告下落不明依照中华人民共和国民事诉讼法第九十五条之规定向你公告送达起诉状副本应诉通知书举证通知书开庭传票及合议庭组成人员通知书自公告之日起经过三十日即视为送达提出答辩状和举证的期限分别为公告期满后的十五日和三十日内并定于举证期满后第三日上午九时在本院第法庭公开开庭审理逾期将依法缺席判决特此公告本院受理原告诉被告纠纷一案因被告下落不明依照中华人民共和国民事诉讼法第九十五条之规定向你
江苏省某市中级人民法院
张某某：分别为公告期满后的十五日和三十日内并定于举证期满后第三日上午九时在本院第法庭公开开庭审理逾期将依法缺席判决特此公告本院受理原告诉被告纠纷一案因被告下落不明依照中华人民共和国民事诉讼法第九十五条之规定向你公告送达起诉状副本应诉通知书举证通知书开庭传票及合议庭组成人员通知书自公告之日起经过三十日即视为送达提出答辩状和举证的期限分别为公告期满后的十五日和三十日内并定于举证期满后第三日上午九时在本院第法庭公开开庭审理逾期将依法缺席判决特此公告本院受理原告诉被告纠纷一案因被告下落不明依照中华人民共和国民事诉讼法第九十五条之规定向你公告送达起诉状副本应诉通知书举证通知书开庭传票及合议庭组成人员通知书自公告之日起经过三十日即视为
北京市某区人民法院
张某某：日和三十日内并定于举证期满后第三日上午九时在本院第法庭公开开庭审理逾期将依法缺席判决特此公告本院受理原告诉被告纠纷一案因被告下落不明依照中华人民共和国民事诉讼法第九十五条之规定向你公告送达起诉状副本应诉通知书举证通知书开庭传票及合议庭组成人员通知书自公告之日起经过三十日即视为送达提出答辩状和举证的期限分别为公告期满后的十五日和三十日内并定于举证期满后第三日上午九时在本院第法庭公开开庭审理逾期将依法缺席判决特此公告本院受理原告诉被告纠纷一案因被告下落不明依照中华人民共和国民事诉讼法第九十五条之规定向你公告送达起诉状副本应诉通知书举证通知书开庭传票及合议庭组成人员通知书自公告之日起经过三十日即视为送达提出答辩状和举证的期限分别为公告期满后的十五日和三十日内并定于举证期满后第三日上午九时在本院
人民法院公告
河南省某县人民法院
张某某：告诉被告纠纷一案因被告下落不明依照中华人民共和国民事诉讼法第九十五条之规定向你公告送达起诉状副本应诉通知书举证通知书开庭传票及合议庭组成人员通知书自公告之日起经过三十日即视为送达提出答辩状和举证的期限分别为公告期满后的十五日和三十日内并定于举证期满后第三日上午九时在本院第法庭公开开庭审理逾期将依法缺席判决特此公告本院受理原告诉被告纠纷一案因被告下落不明依照中华人民共和国民事诉讼法第九十五条之规定向你公告送达起诉状副本应诉通知书举证通知书开庭传票及合议庭组成人员通知书自公告之日起经过三十日即视为送达提出答辩状和举证的期限分别为
山东省某县人民法院
张某某：下落不明依照中华人民共和国民事诉讼法第九十五条之规定向你公告送达起诉状副本应诉通知书举证通知书开庭传票及合议庭组成人员通知书自公告之日起经过三十日即视为送达提出答辩状和举证的期限分别为公告期满后的十五日和三十日内并定于举证期满后第三日上午九时在本院第法庭公开开庭审理逾期将依法缺席判决特此公告本院受理原告诉被告纠纷一案因被告下落不明依照中华人民共和国民事诉讼法第九十五条之规定向你公告送达起诉状副本应诉通知书举证通知书开庭传票及合议庭组成人员通知书自公告之日起经过三十日即视为送达提出答辩状和举证的期限分别为公告期满后的十五日和三十日内并定于举证期满后第三日上午九时在本院第法庭公开开庭审理逾期将依法缺席
浙江省某区人民法院
张某某：和国民事诉讼法第九十五条之规定向你公告送达起诉状副本应诉通知书举证通知书开庭传票及合议庭组成人员通知书自公告之日起经过三十日即视为送达提出答辩状和举证的期限分别为公告期满后的十五日和三十日内并定于举证期满后第三日上午九时在本院第法庭公开开庭审理逾期将依法缺席判决特此公告本院受理原告诉被告纠纷一案因被告下落不明依照中华人民共和国民事诉讼法第九十五条之规定向你公告送达起诉状副本应诉通知书举证通知书开庭传票及合议庭组成人员通知书自公告之日起经过三十日即视为送达提出答辩状和举证的期限分别为公告期满后的十五日和三十日内并定于举证期满后第三日上午九时在本院第法庭公开开庭审理逾期将依法缺席判决特此公告本院受理原告诉被告纠纷一案因被告下落不明依照中华人民共和国民事诉讼法第九十五条之规定
安徽省某县人民法院
张某某：条之规定向你公告送达起诉状副本应诉通知书举证通知书开庭传票及合议庭组成人员通知书自公告之日起经过三十日即视为送达提出答辩状和举证的期限分别为公告期满后的十五日和三十日内并定于举证期满后第三日上午九时在本院第法庭公开开庭审理逾期将依法缺席判决特此公告本院受理原告诉被告纠纷一案因被告下落不明依照中华人民共和国民事诉讼法第九十五条之规定向你公告送达起诉状副本应诉通知书举证通知书开庭传票及合议庭组成人员通知书自公告之日起经过三十日即视为送达提出答辩状和举证的期限分别为公告期满后的十五日和三十日内并定于举证期满后第三日上午九时在本院第法庭公开开庭审理逾期将依法缺席判决特此公告本院受理原告诉被告纠纷一案因被告下落不明依照中华人民共和国民事诉讼法第九十五条之规定向你公告送达起诉状副本应诉通知书举证通知书开庭传票及合议庭组成人员通知书自公告之日起经过三十日即
湖南省某县人民法院
张某某：诉状副本应诉通知书举证通知书开庭传票及合议庭组成人员通知书自公告之日起经过三十日即视为送达提出答辩状和举证的期限分别为公告期满后的十五日和三十日内并定于举证期满后第三日上午九时在本院第法庭公开开庭审理逾期将依法缺席判决特此公告本院受理原告诉被告纠纷一案因被告下落不明依照中华人民共和国民事诉讼法第九十五条之规定向你公告送达起诉状副本应诉通知书举证通知书开庭传票及合议庭组成人员通知书自公告之日起经过三十日即视为送达提出答辩状和举证的期限分别为公告期满后的十五日和三十日内并定于举证期满后第三日上午九时在本院第法庭公开开庭审理逾期将依法缺席判决特此公告本院受理原告诉被告纠纷一案因被告下落
广西壮族自治区某区人民法院
张某某：通知书开庭传票及合议庭组成人员通知书自公告之日起经过三十日即视为送达提出答辩状和举证的期限分别为公告期满后的十五日和三十日内并定于举证期满后第三日上午九时在本院第法庭公开开庭审理逾期将依法缺席判决特此公告本院受理原告诉被告纠纷一案因被告下落不明依照中华人民共和国民事诉讼法第九十五条之规定向你公告送达起诉状副本应诉通知书举证通知书开庭传票及合议庭组成人员通知书自公告之日起经过三十日即视为送达提出答辩状和举证的期限分别为公告期满后的十五日和三十日内并定于举证期满后第三日上午九时在本院第法庭公开开庭审理逾期将依法缺席判决特此公告本院受理原告诉被告纠纷一案因被告下落不明依照中华人民共和国民事诉讼法第九十五条之规定向你公告送达起诉状副本应诉通知书举证通知书开庭传
江苏省某市中级人民法院
张某某：组成人员通知书自公告之日起经过三十日即视为送达提出答辩状和举证的期限分别为公告期满后的十五日和三十日内并定于举证期满后第三日上午九时在本院第法庭公开开庭审理逾期将依法缺席判决特此公告本院受理原告诉被告纠纷一案因被告下落不明依照中华人民共和国民事诉讼法第九十五条之规定向你公告送达起诉状副本应诉通知书举证通知书开庭传票及合议庭组成人员通知书自公告之日起经过三十日即视为送达提出答辩状和举证的期限分别为公告期满后的十五日和三十日内并定于举证期满后第三日上午九时在本院第法庭公开开庭审理逾期将依法缺席判决特此公告本院受理原告诉被告纠纷一案因被告下落不明依照中华人民共和国民事诉讼法第九十五条之规定向你公告送达起诉状副本应诉通知书举证通知书开庭传票及合议庭组成人员通知书自公告之日起经过三十日即视为送达提出答辩状和举证的期限分别为公告期满后的
北京市某区人民法院
张某某：日起经过三十日即视为送达提出答辩状和举证的期限分别为公告期满后的十五日和三十日内并定于举证期满后第三日上午九时在本院第法庭公开开庭审理逾期将依法缺席判决特此公告本院受理原告诉被告纠纷一案因被告下落不明依照中华人民共和国民事诉讼法第九十五条之规定向你公告送达起诉状副本应诉通知书举证通知书开庭传票及合议庭组成人员通知书自公告之日起经过三十日即视为送达提出答辩状和举证的期限分别为公告期满后的十五日和三十日内并定于举证期满后第三日上午九时在本院第法庭公开开庭审理逾期将依法缺席判决特此公告本院受理原告诉被告纠纷一案因被告下落不明依照中华人民共和国民事诉讼法第九十五条之规定
河南省某县人民法院
张某某：达提出答辩状和举证的期限分别为公告期满后的十五日和三十日内并定于举证期满后第三日上午九时在本院第法庭公开开庭审理逾期将依法缺席判决特此公告本院受理原告诉被告纠纷一案因被告下落不明依照中华人民共和国民事诉讼法第九十五条之规定向你公告送达起诉状副本应诉通知书举证通知书开庭传票及合议庭组成人员通知书自公告之日起经过三十日即视为送达提出答辩状和举证的期限分别为公告期满后的十五日和三十日内并定于举证期满后第三日上午九时在本院第法庭公开开庭审理逾期将依法缺席判决特此公告本院受理原告诉被告纠纷一案因被告下落不明依照中华人民共和国民事诉讼法第九十五条之规定向你公告送达起诉状副本应诉通知书举证通知书开庭传票及合议庭组成人员通知书自公告之日起经过三十日即
山东省某县人民法院
张某某：限分别为公告期满后的十五日和三十日内并定于举证期满后第三日上午九时在本院第法庭公开开庭审理逾期将依法缺席判决特此公告本院受理原告诉被告纠纷一案因被告下落不明依照中华人民共和国民事诉讼法第九十五条之规定向你公告送达起诉状副本应诉通知书举证通知书开庭传票及合议庭组成人员通知书自公告之日起经过三十日即视为送达提出答辩状和举证的期限分别为公告期满后的十五日和三十日内并定于举证期满后第三日上午九时在本院第法庭公开开庭审理逾期将依法缺席判决特此公告本院受理原告诉被告纠纷一案因被告下落不明依照中华人民共和国民事诉讼法第九十五条之规定向你公告送达起诉状副本应诉通知书举证通知书开庭传票及合议庭组成人员通知书自公告之日起经过三十日即视为送达提出答辩状和举证的期限分别为公告期满后的十五日和三十日内并定于举证期满后第三日上午九时在
浙江省某区人民法院
张某某：五日和三十日内并定于举证期满后第三日上午九时在本院第法庭公开开庭审理逾期将依法缺席判决特此公告本院受理原告诉被告纠纷一案因被告下落不明依照中华人民共和国民事诉讼法第九十五条之规定向你公告送达起诉状副本应诉通知书举证通知书开庭传票及合议庭组成人员通知书自公告之日起经过三十日即视为送达提出答辩状和举证的期限分别为公告期满后的十五日和三十日内并定于举证期满后第三日上午九时在本院第法庭公开开庭审理逾期将依法缺席判决特此公告本院受理原告诉被告纠纷一案因被告下落不明依照中华人民共和国民事诉讼法第九十五条之规定向你公告送达起诉状副本应诉通知书举证通知书开庭传
安徽省某县人民法院
张某某：证期满后第三日上午九时在本院第法庭公开开庭审理逾期将依法缺席判决特此公告本院受理原告诉被告纠纷一案因被告下落不明依照中华人民共和国民事诉讼法第九十五条之规定向你公告送达起诉状副本应诉通知书举证通知书开庭传票及合议庭组成人员通知书自公告之日起经过三十日即视为送达提出答辩状和举证的期限分别为公告期满后的十五日和三十日内并定于举证期满后第三日上午九时在本院第法庭公开开庭审理逾期将依法缺席判决特此公告本院受理原告诉被告纠纷一案因被告下落不明依照中华人民共和国民事诉讼法第九十五条之规定向你公告送达起诉状副本应诉通知书举证通知书开庭传票及合议庭组成人员通知书自公告之日起经过三十日即视为送达提出答辩状和举证的期限分别为公告期满后的
湖南省某县人民法院
张某某：在本院第法庭公开开庭审理逾期将依法缺席判决特此公告本院受理原告诉被告纠纷一案因被告下落不明依照中华人民共和国民事诉讼法第九十五条之规定向你公告送达起诉状副本应诉通知书举证通知书开庭传票及合议庭组成人员通知书自公告之日起经过三十日即视为送达提出答辩状和举证的期限分别为公告期满后的十五日和三十日内并定于举证期满后第三日上午九时在本院第法庭公开开庭审理逾期将依法缺席判决特此公告本院受理原告诉被告纠纷一案因被告下落不明依照中华人民共和国民事诉讼法第九十五条之规定向你公告送达起诉状副本应诉通知书举证通知书开庭传票及合议庭组成人员通知书自公告之日起经过三十日即视为送达提出答辩状和举证的期限分别为公告期满后的十五日和三十日内并定于举证期满后第三日上午九时在本院第法庭公开开庭审理逾期将依法缺席判决特此公告
广西壮族自治区某区人民法院
张某某：理逾期将依法缺席判决特此公告本院受理原告诉被告纠纷一案因被告下落不明依照中华人民共和国民事诉讼法第九十五条之规定向你公告送达起诉状副本应诉通知书举证通知书开庭传票及合议庭组成人员通知书自公告之日起经过三十日即视为送达提出答辩状和举证的期限分别为公告期满后的十五日和三十日内并定于举证期满后第三日上午九时在本院第法庭公开开庭审理逾期将依法缺席判决特此公告本院受理原告诉被告纠纷一案因被告下落不明依照中华人民共和国民事诉讼法第九十五条之规定向你公告送达起诉状副本应诉通知书举证通知书开庭传票及合议庭组成人员通知书自公告之日起经过三十日即
江苏省某市中级人民法院
张某某：此公告本院受理原告诉被告纠纷一案因被告下落不明依照中华人民共和国民事诉讼法第九十五条之规定向你公告送达起诉状副本应诉通知书举证通知书开庭传票及合议庭组成人员通知书自公告之日起经过三十日即视为送达提出答辩状和举证的期限分别为公告期满后的十五日和三十日内并定于举证期满后第三日上午九时在本院第法庭公开开庭审理逾期将依法缺席判决特此公告本院受理原告诉被告纠纷一案因被告下落不明依照中华人民共和国民事诉讼法第九十五条之规定向你公告送达起诉状副本应诉通知书举证通知书开庭传票及合议庭组成人员通知书自公告之日起经过三十日即视为送达提出答辩状和举证的期限分别为公告期满后的十五日和三十日内并定于举证期满后第三日上午九时在
北京市某区人民法院
张某某：告纠纷一案因被告下落不明依照中华人民共和国民事诉讼法第九十五条之规定向你公告送达起诉状副本应诉通知书举证通知书开庭传票及合议庭组成人员通知书自公告之日起经过三十日即视为送达提出答辩状和举证的期限分别为公告期满后的十五日和三十日内并定于举证期满后第三日上午九时在本院第法庭公开开庭审理逾期将依法缺席判决特此公告本院受理原告诉被告纠纷一案因被告下落不明依照中华人民共和国民事诉讼法第九十五条之规定向你公告送达起诉状副本应诉通知书举证通知书开庭传票及合议庭组成人员通知书自公告之日起经过三十日即视为送达提出答辩状和举证的期限分别为公告期满后的十五日和三十日内并定于举证期满后第三日上午九时在本院第法庭公开开庭审理逾期将依法缺席判决特此公告本院受理原告诉被告纠纷一案因被告下落不明依照中华
河南省某县人民法院
张某某：明依照中华人民共和国民事诉讼法第九十五条之规定向你公告送达起诉状副本应诉通知书举证通知书开庭传票及合议庭组成人员通知书自公告之日起经过三十日即视为送达提出答辩状和举证的期限分别为公告期满后的十五日和三十日内并定于举证期满后第三日上午九时在本院第法庭公开开庭审理逾期将依法缺席判决特此公告本院受理原告诉被告纠纷一案因被告下落不明依照中华人民共和国民事诉讼法第九十五条之规定向你公告送达起诉状副本应诉通知书举证通知书开庭传票及合议庭组成人员通知书自公告之日起经过三十日即视为送达提出答辩状和举证的期限分别为公告期满后的十五日和三十日内并定于举证期满后第三日上午九时在本院第法庭公开开庭审理逾期将依法缺席判决特此公告本院受理原告诉被告纠纷一案因被告下落不明依照中华人民共和国民事诉讼法第九十五条之规定向你公告送达起诉状副本应诉通知书举证通知书开庭传票及合议庭组
山东省某县人民法院
张某某：事诉讼法第九十五条之规定向你公告送达起诉状副本应诉通知书举证通知书开庭传票及合议庭组成人员通知书自公告之日起经过三十日即视为送达提出答辩状和举证的期限分别为公告期满后的十五日和三十日内并定于举证期满后第三日上午九时在本院第法庭公开开庭审理逾期将依法缺席判决特此公告本院受理原告诉被告纠纷一案因被告下落不明依照中华人民共和国民事诉讼法第九十五条之规定向你公告送达起诉状副本应诉通知书举证通知书开庭传票及合议庭组成人员通知书自公告之日起经过三十日即视为送达提出答辩状和举证的期限分别为公告期满后的十五日和三十日内并定于举证期满后第三日上午九时在本院第法庭公开开庭审理逾期将依法缺席判决特此公告
浙江省某区人民法院
张某某：定向你公告送达起诉状副本应诉通知书举证通知书开庭传票及合议庭组成人员通知书自公告之日起经过三十日即视为送达提出答辩状和举证的期限分别为公告期满后的十五日和三十日内并定于举证期满后第三日上午九时在本院第法庭公开开庭审理逾期将依法缺席判决特此公告本院受理原告诉被告纠纷一案因被告下落不明依照中华人民共和国民事诉讼法第九十五条之规定向你公告送达起诉状副本应诉通知书举证通知书开庭传票及合议庭组成人员通知书自公告之日起经过三十日即视为送达提出答辩状和举证的期限分别为公告期满后的十五日和三十日内并定于举证期满后第三日上午九时在本院第法庭公开开庭审理逾期将依法缺席判决特此公告本院受理原告诉被告纠纷一案因被告下落不明依照中华人民共和国民事诉讼法第九十五条之规定向你公告送达
安徽省某县人民法院
张某某：本应诉通知书举证通知书开庭传票及合议庭组成人员通知书自公告之日起经过三十日即视为送达提出答辩状和举证的期限分别为公告期满后的十五日和三十日内并定于举证期满后第三日上午九时在本院第法庭公开开庭审理逾期将依法缺席判决特此公告本院受理原告诉被告纠纷一案因被告下落不明依照中华人民共和国民事诉讼法第九十五条之规定向你公告送达起诉状副本应诉通知书举证通知书开庭传票及合议庭组成人员通知书自公告之日起经过三十日即视为送达提出答辩状和举证的期限分别为公告期满后的十五日和三十日内并定于举证期满后第三日上午九时在本院第法庭公开开庭审理逾期将依法缺席判决特此公告本院受理原告诉被告纠纷一案因被告下落不明依照中华人民共和国民事诉讼法第九十五条之规定向你公告送达起诉状副本应诉通知书举证通知书开庭传票及合议庭组成人员通知书自公告之日起经过三十日即视为送达提出
湖南省某县人民法院
张某某：开庭传票及合议庭组成人员通知书自公告之日起经过三十日即视为送达提出答辩状和举证的期限分别为公告期满后的十五日和三十日内并定于举证期满后第三日上午九时在本院第法庭公开开庭审理逾期将依法缺席判决特此公告本院受理原告诉被告纠纷一案因被告下落不明依照中华人民共和国民事诉讼法第九十五条之规定向你公告送达起诉状副本应诉通知书举证通知书开庭传票及合议庭组成人员通知书自公告之日起经过三十日即视为送达提出答辩状和举证的期限分别为公告期满后的十五日和三十日内并定于举证期满后第三日上午九时在本院第法庭公开开庭审理逾期将依法缺席判决特此公告本院受理原告诉被告纠纷一案因被告下落不明依照中华
广西壮族自治区某区人民法院
张某某：员通知书自公告之日起经过三十日即视为送达提出答辩状和举证的期限分别为公告期满后的十五日和三十日内并定于举证期满后第三日上午九时在本院第法庭公开开庭审理逾期将依法缺席判决特此公告本院受理原告诉被告纠纷一案因被告下落不明依照中华人民共和国民事诉讼法第九十五条之规定向你公告送达起诉状副本应诉通知书举证通知书开庭传票及合议庭组成人员通知书自公告之日起经过三十日即视为送达提出答辩状和举证的期限分别为公告期满后的十五日和三十日内并定于举证期满后第三日上午九时在本院第法庭公开开庭审理逾期将依法缺席判决特此公告本院受理原告诉被告纠纷一案因被告下落不明依照中华人民共和国民事诉讼法第九十五条之规定向你公告送达起诉状副本应诉通知书举证通知书开庭传票及合议庭组
江苏省某市中级人民法院
张某某：过三十日即视为送达提出答辩状和举证的期限分别为公告期满后的十五日和三十日内并定于举证期满后第三日上午九时在本院第法庭公开开庭审理逾期将依法缺席判决特此公告本院受理原告诉被告纠纷一案因被告下落不明依照中华人民共和国民事诉讼法第九十五条之规定向你公告送达起诉状副本应诉通知书举证通知书开庭传票及合议庭组成人员通知书自公告之日起经过三十日即视为送达提出答辩状和举证的期限分别为公告期满后的十五日和三十日内并定于举证期满后第三日上午九时在本院第法庭公开开庭审理逾期将依法缺席判决特此公告本院受理原告诉被告纠纷一案因被告下落不明依照中华人民共和国民事诉讼法第九十五条之规定向你公告送达起诉状副本应诉通知书举证通知书开庭传票及合议庭组成人员通知书自公告之日起经过三十日即视为送达提出答辩状和举证的期限分别为公告期满后的十五日和三十
北京市某区人民法院
张某某：答辩状和举证的期限分别为公告期满后的十五日和三十日内并定于举证期满后第三日上午九时在本院第法庭公开开庭审理逾期将依法缺席判决特此公告本院受理原告诉被告纠纷一案因被告下落不明依照中华人民共和国民事诉讼法第九十五条之规定向你公告送达起诉状副本应诉通知书举证通知书开庭传票及合议庭组成人员通知书自公告之日起经过三十日即视为送达提出答辩状和举证的期限分别为公告期满后的十五日和三十日内并定于举证期满后第三日上午九时在本院第法庭公开开庭审理逾期将依法缺席判决特此公告本院受理原告诉被告纠纷一案因被告下落不明依照中华人民共和国民事诉讼法第九十五条之规定向你公告送达
河南省某县人民法院
张某某：为公告期满后的十五日和三十日内并定于举证期满后第三日上午九时在本院第法庭公开开庭审理逾期将依法缺席判决特此公告本院受理原告诉被告纠纷一案因被告下落不明依照中华人民共和国民事诉讼法第九十五条之规定向你公告送达起诉状副本应诉通知书举证通知书开庭传票及合议庭组成人员通知书自公告之日起经过三十日即视为送达提出答辩状和举证的期限分别为公告期满后的十五日和三十日内并定于举证期满后第三日上午九时在本院第法庭公开开庭审理逾期将依法缺席判决特此公告本院受理原告诉被告纠纷一案因被告下落不明依照中华人民共和国民事诉讼法第九十五条之规定向你公告送达起诉状副本应诉通知书举证通知书开庭传票及合议庭组成人员通知书自公告之日起经过三十日即视为送达提出
山东省某县人民法院
张某某：三十日内并定于举证期满后第三日上午九时在本院第法庭公开开庭审理逾期将依法缺席判决特此公告本院受理原告诉被告纠纷一案因被告下落不明依照中华人民共和国民事诉讼法第九十五条之规定向你公告送达起诉状副本应诉通知书举证通知书开庭传票及合议庭组成人员通知书自公告之日起经过三十日即视为送达提出答辩状和举证的期限分别为公告期满后的十五日和三十日内并定于举证期满后第三日上午九时在本院第法庭公开开庭审理逾期将依法缺席判决特此公告本院受理原告诉被告纠纷一案因被告下落不明依照中华人民共和国民事诉讼法第九十五条之规定向你公告送达起诉状副本应诉通知书举证通知书开庭传票及合议庭组成人员通知书自公告之日起经过三十日即视为送达提出答辩状和举证的期限分别为公告期满后的十五日和三十日内并定于举证期满后第三日上午九时在本院第法庭公
公告专栏
浙江省某区人民法院
张某某：被告纠纷一案因被告下落不明依照中华人民共和国民事诉讼法第九十五条之规定向你公告送达起诉状副本应诉通知书举证通知书开庭传票及合议庭组成人员通知书自公告之日起经过三十日即视为送达提出答辩状和举证的期限分别为公告期满后的十五日和三十日内并定于举证期满后第三日上午九时在本院第法庭公开开庭审理逾期将依法缺席判决特此公告本院受理原告诉被告纠纷一案因被告下落不明依照中华人民共和国民事诉讼法第九十五条之规定向你公告送达起诉状副本应诉通知书举证通知书开庭传票及合议庭组成人员通知书自公告之日起经过三十日即视为送达提出答辩状和举证的期限分别为公告期满
安徽省某县人民法院
张某某：不明依照中华人民共和国民事诉讼法第九十五条之规定向你公告送达起诉状副本应诉通知书举证通知书开庭传票及合议庭组成人员通知书自公告之日起经过三十日即视为送达提出答辩状和举证的期限分别为公告期满后的十五日和三十日内并定于举证期满后第三日上午九时在本院第法庭公开开庭审理逾期将依法缺席判决特此公告本院受理原告诉被告纠纷一案因被告下落不明依照中华人民共和国民事诉讼法第九十五条之规定向你公告送达起诉状副本应诉通知书举证通知书开庭传票及合议庭组成人员通知书自公告之日起经过三十日即视为送达提出答辩状和举证的期限分别为公告期满后的十五日和三十日内并定于举证期满后第三日上午九时在本院第法庭公开开庭审理逾期将依法缺席判决特此
湖南省某县人民法院
张某某：民事诉讼法第九十五条之规定向你公告送达起诉状副本应诉通知书举证通知书开庭传票及合议庭组成人员通知书自公告之日起经过三十日即视为送达提出答辩状和举证的期限分别为公告期满后的十五日和三十日内并定于举证期满后第三日上午九时在本院第法庭公开开庭审理逾期将依法缺席判决特此公告本院受理原告诉被告纠纷一案因被告下落不明依照中华人民共和国民事诉讼法第九十五条之规定向你公告送达起诉状副本应诉通知书举证通知书开庭传票及合议庭组成人员通知书自公告之日起经过三十日即视为送达提出答辩状和举证的期限分别为公告期满后的十五日和三十日内并定于举证期满后第三日上午九时在本院第法庭公开开庭审理逾期将依法缺席判决特此公告本院受理原告诉被告纠纷一案因被告下落不明依照中华人民共和国民事诉讼法第九十五条之规定向你公告
广西壮族自治区某区人民法院
张某某：规定向你公告送达起诉状副本应诉通知书举证通知书开庭传票及合议庭组成人员通知书自公告之日起经过三十日即视为送达提出答辩状和举证的期限分别为公告期满后的十五日和三十日内并定于举证期满后第三日上午九时在本院第法庭公开开庭审理逾期将依法缺席判决特此公告本院受理原告诉被告纠纷一案因被告下落不明依照中华人民共和国民事诉讼法第九十五条之规定向你公告送达起诉状副本应诉通知书举证通知书开庭传票及合议庭组成人员通知书自公告之日起经过三十日即视为送达提出答辩状和举证的期限分别为公告期满后的十五日和三十日内并定于举证期满后第三日上午九时在本院第法庭公开开庭审理逾期将依法缺席判决特此公告本院受理原告诉被告纠纷一案因被告下落不明依照中华人民共和国民事诉讼法第九十五条之规定向你公告送达起诉状副本应诉通知书举证通知书开庭传票及合议庭组成人员通知书自公告之日起经过三十日即视为送达
江苏省某市中级人民法院
张某某：副本应诉通知书举证通知书开庭传票及合议庭组成人员通知书自公告之日起经过三十日即视为送达提出答辩状和举证的期限分别为公告期满后的十五日和三十日内并定于举证期满后第三日上午九时在本院第法庭公开开庭审理逾期将依法缺席判决特此公告本院受理原告诉被告纠纷一案因被告下落不明依照中华人民共和国民事诉讼法第九十五条之规定向你公告送达起诉状副本应诉通知书举证通知书开庭传票及合议庭组成人员通知书自公告之日起经过三十日即视为送达提出答辩状和举证的期限分别为公告期满后的十五日和三十日内并定于举证期满后第三日上午九时在本院第法庭公开开庭审理逾期将依法缺席判决特此公告本院受理原告诉被告纠纷一案因被告下落不明依照
北京市某区人民法院
张某某：书开庭传票及合议庭组成人员通知书自公告之日起经过三十日即视为送达提出答辩状和举证的期限分别为公告期满后的十五日和三十日内并定于举证期满后第三日上午九时在本院第法庭公开开庭审理逾期将依法缺席判决特此公告本院受理原告诉被告纠纷一案因被告下落不明依照中华人民共和国民事诉讼法第九十五条之规定向你公告送达起诉状副本应诉通知书举证通知书开庭传票及合议庭组成人员通知书自公告之日起经过三十日即视为送达提出答辩状和举证的期限分别为公告期满后的十五日和三十日内并定于举证期满后第三日上午九时在本院第法庭公开开庭审理逾期将依法缺席判决特此公告本院受理原告诉被告纠纷一案因被告下落不明依照中华人民共和国民事诉讼法第九十五条之规定向你公告送达起诉状副本应诉通知书举证通知书开庭传票及合议
河南省某县人民法院
张某某：人员通知书自公告之日起经过三十日即视为送达提出答辩状和举证的期限分别为公告期满后的十五日和三十日内并定于举证期满后第三日上午九时在本院第法庭公开开庭审理逾期将依法缺席判决特此公告本院受理原告诉被告纠纷一案因被告下落不明依照中华人民共和国民事诉讼法第九十五条之规定向你公告送达起诉状副本应诉通知书举证通知书开庭传票及合议庭组成人员通知书自公告之日起经过三十日即视为送达提出答辩状和举证的期限分别为公告期满后的十五日和三十日内并定于举证期满后第三日上午九时在本院第法庭公开开庭审理逾期将依法缺席判决特此公告本院受理原告诉被告纠纷一案因被告下落不明依照中华人民共和国民事诉讼法第九十五条之规定向你公告送达起诉状副本应诉通知书举证通知书开庭传票及合议庭组成人员通知书自公告之日起经过三十日即视为送达提出答辩状和举证的期限分别为公告期满后的十五日和
山东省某县人民法院
张某某：经过三十日即视为送达提出答辩状和举证的期限分别为公告期满后的十五日和三十日内并定于举证期满后第三日上午九时在本院第法庭公开开庭审理逾期将依法缺席判决特此公告本院受理原告诉被告纠纷一案因被告下落不明依照中华人民共和国民事诉讼法第九十五条之规定向你公告送达起诉状副本应诉通知书举证通知书开庭传票及合议庭组成人员通知书自公告之日起经过三十日即视为送达提出答辩状和举证的期限分别为公告期满后的十五日和三十日内并定于举证期满后第三日上午九时在本院第法庭公开开庭审理逾期将依法缺席判决特此公告本院受理原告诉被告纠纷一案因被告下落不明依照中华人民共和国民事诉讼法第九十五条之规定向你公告
浙江省某区人民法院
张某某：出答辩状和举证的期限分别为公告期满后的十五日和三十日内并定于举证期满后第三日上午九时在本院第法庭公开开庭审理逾期将依法缺席判决特此公告本院受理原告诉被告纠纷一案因被告下落不明依照中华人民共和国民事诉讼法第九十五条之规定向你公告送达起诉状副本应诉通知书举证通知书开庭传票及合议庭组成人员通知书自公告之日起经过三十日即视为送达提出答辩状和举证的期限分别为公告期满后的十五日和三十日内并定于举证期满后第三日上午九时在本院第法庭公开开庭审理逾期将依法缺席判决特此公告本院受理原告诉被告纠纷一案因被告下落不明依照中华人民共和国民事诉讼法第九十五条之规定向你公告送达起诉状副本应诉通知书举证通知书开庭传票及合议庭组成人员通知书自公告之日起经过三十日即视为送达
安徽省某县人民法院
张某某：别为公告期满后的十五日和三十日内并定于举证期满后第三日上午九时在本院第法庭公开开庭审理逾期将依法缺席判决特此公告本院受理原告诉被告纠纷一案因被告下落不明依照中华人民共和国民事诉讼法第九十五条之规定向你公告送达起诉状副本应诉通知书举证通知书开庭传票及合议庭组成人员通知书自公告之日起经过三十日即视为送达提出答辩状和举证的期限分别为公告期满后的十五日和三十日内并定于举证期满后第三日上午九时在本院第法庭公开开庭审理逾期将依法缺席判决特此公告本院受理原告诉被告纠纷一案因被告下落不明依照中华人民共和国民事诉讼法第九十五条之规定向你公告送达起诉状副本应诉通知书举证通知书开庭传票及合议庭组成人员通知书自公告之日起经过三十日即视为送达提出答辩状和举证的期限分别为公告期满后的十五日和三十日内并定于举证期满后第三日上午九时在本院第法
湖南省某县人民法院
张某某：和三十日内并定于举证期满后第三日上午九时在本院第法庭公开开庭审理逾期将依法缺席判决特此公告本院受理原告诉被告纠纷一案因被告下落不明依照中华人民共和国民事诉讼法第九十五条之规定向你公告送达起诉状副本应诉通知书举证通知书开庭传票及合议庭组成人员通知书自公告之日起经过三十日即视为送达提出答辩状和举证的期限分别为公告期满后的十五日和三十日内并定于举证期满后第三日上午九时在本院第法庭公开开庭审理逾期将依法缺席判决特此公告本院受理原告诉被告纠纷一案因被告下落不明依照中华人民共和国民事诉讼法第九十五条之规定向你公告送达起诉状副本应诉通知书举证通知书开庭传票及合议
广西壮族自治区某区人民法院
张某某：满后第三日上午九时在本院第法庭公开开庭审理逾期将依法缺席判决特此公告本院受理原告诉被告纠纷一案因被告下落不明依照中华人民共和国民事诉讼法第九十五条之规定向你公告送达起诉状副本应诉通知书举证通知书开庭传票及合议庭组成人员通知书自公告之日起经过三十日即视为送达提出答辩状和举证的期限分别为公告期满后的十五日和三十日内并定于举证期满后第三日上午九时在本院第法庭公开开庭审理逾期将依法缺席判决特此公告本院受理原告诉被告纠纷一案因被告下落不明依照中华人民共和国民事诉讼法第九十五条之规定向你公告送达起诉状副本应诉通知书举证通知书开庭传票及合议庭组成人员通知书自公告之日起经过三十日即视为送达提出答辩状和举证的期限分别为公告期满后的十五日和
江苏省某市中级人民法院
张某某：院第法庭公开开庭审理逾期将依法缺席判决特此公告本院受理原告诉被告纠纷一案因被告下落不明依照中华人民共和国民事诉讼法第九十五条之规定向你公告送达起诉状副本应诉通知书举证通知书开庭传票及合议庭组成人员通知书自公告之日起经过三十日即视为送达提出答辩状和举证的期限分别为公告期满后的十五日和三十日内并定于举证期满后第三日上午九时在本院第法庭公开开庭审理逾期将依法缺席判决特此公告本院受理原告诉被告纠纷一案因被告下落不明依照中华人民共和国民事诉讼法第九十五条之规定向你公告送达起诉状副本应诉通知书举证通知书开庭传票及合议庭组成人员通知书自公告之日起经过三十日即视为送达提出答辩状和举证的期限分别为公告期满后的十五日和三十日内并定于举证期满后第三日上午九时在本院第法庭公开开庭审理逾期将依法缺席判决特此公告本院受理
北京市某区人民法院
张某某：期将依法缺席判决特此公告本院受理原告诉被告纠纷一案因被告下落不明依照中华人民共和国民事诉讼法第九十五条之规定向你公告送达起诉状副本应诉通知书举证通知书开庭传票及合议庭组成人员通知书自公告之日起经过三十日即视为送达提出答辩状和举证的期限分别为公告期满后的十五日和三十日内并定于举证期满后第三日上午九时在本院第法庭公开开庭审理逾期将依法缺席判决特此公告本院受理原告诉被告纠纷一案因被告下落不明依照中华人民共和国民事诉讼法第九十五条之规定向你公告送达起诉状副本应诉通知书举证通知书开庭传票及合议庭组成人员通知书自公告之日起经过三十日即视为送达
河南省某县人民法院
张某某：告本院受理原告诉被告纠纷一案因被告下落不明依照中华人民共和国民事诉讼法第九十五条之规定向你公告送达起诉状副本应诉通知书举证通知书开庭传票及合议庭组成人员通知书自公告之日起经过三十日即视为送达提出答辩状和举证的期限分别为公告期满后的十五日和三十日内并定于举证期满后第三日上午九时在本院第法庭公开开庭审理逾期将依法缺席判决特此公告本院受理原告诉被告纠纷一案因被告下落不明依照中华人民共和国民事诉讼法第九十五条之规定向你公告送达起诉状副本应诉通知书举证通知书开庭传票及合议庭组成人员通知书自公告之日起经过三十日即视为送达提出答辩状和举证的期限分别为公告期满后的十五日和三十日内并定于举证期满后第三日上午九时在本院第法
山东省某县人民法院
张某某：纷一案因被告下落不明依照中华人民共和国民事诉讼法第九十五条之规定向你公告送达起诉状副本应诉通知书举证通知书开庭传票及合议庭组成人员通知书自公告之日起经过三十日即视为送达提出答辩状和举证的期限分别为公告期满后的十五日和三十日内并定于举证期满后第三日上午九时在本院第法庭公开开庭审理逾期将依法缺席判决特此公告本院受理原告诉被告纠纷一案因被告下落不明依照中华人民共和国民事诉讼法第九十五条之规定向你公告送达起诉状副本应诉通知书举证通知书开庭传票及合议庭组成人员通知书自公告之日起经过三十日即视为送达提出答辩状和举证的期限分别为公告期满后的十五日和三十日内并定于举证期满后第三日上午九时在本院第法庭公开开庭审理逾期将依法缺席判决特此公告本院受理原告诉被告纠纷一案因被告下落不明依照中华人民共和
浙江省某区人民法院
张某某：照中华人民共和国民事诉讼法第九十五条之规定向你公告送达起诉状副本应诉通知书举证通知书开庭传票及合议庭组成人员通知书自公告之日起经过三十日即视为送达提出答辩状和举证的期限分别为公告期满后的十五日和三十日内并定于举证期满后第三日上午九时在本院第法庭公开开庭审理逾期将依法缺席判决特此公告本院受理原告诉被告纠纷一案因被告下落不明依照中华人民共和国民事诉讼法第九十五条之规定向你公告送达起诉状副本应诉通知书举证通知书开庭传票及合议庭组成人员通知书自公告之日起经过三十日即视为送达提出答辩状和举证的期限分别为公告期满后的十五日和三十日内并定于举证期满后第三日上午九时在本院第法庭公开开庭审理逾期将依法缺席判决特此公告本院受理原告诉被告纠纷一案因被告下落不明依照中华人民共和国民事诉讼法第九十五条之规定向你公告送达起诉状副本应诉通知书举证通知书开庭传票及合议庭组成人员通
安徽省某县人民法院
张某某：讼法第九十五条之规定向你公告送达起诉状副本应诉通知书举证通知书开庭传票及合议庭组成人员通知书自公告之日起经过三十日即视为送达提出答辩状和举证的期限分别为公告期满后的十五日和三十日内并定于举证期满后第三日上午九时在本院第法庭公开开庭审理逾期将依法缺席判决特此公告本院受理原告诉被告纠纷一案因被告下落不明依照中华人民共和国民事诉讼法第九十五条之规定向你公告送达起诉状副本应诉通知书举证通知书开庭传票及合议庭组成人员通知书自公告之日起经过三十日即视为送达提出答辩状和举证的期限分别为公告期满后的十五日和三十日内并定于举证期满后第三日上午九时在本院第法庭公开开庭审理逾期将依法缺席判决特此公告本院受理
湖南省某县人民法院
张某某：你公告送达起诉状副本应诉通知书举证通知书开庭传票及合议庭组成人员通知书自公告之日起经过三十日即视为送达提出答辩状和举证的期限分别为公告期满后的十五日和三十日内并定于举证期满后第三日上午九时在本院第法庭公开开庭审理逾期将依法缺席判决特此公告本院受理原告诉被告纠纷一案因被告下落不明依照中华人民共和国民事诉讼法第九十五条之规定向你公告送达起诉状副本应诉通知书举证通知书开庭传票及合议庭组成人员通知书自公告之日起经过三十日即视为送达提出答辩状和举证的期限分别为公告期满后的十五日和三十日内并定于举证期满后第三日上午九时在本院第法庭公开开庭审理逾期将依法缺席判决特此公告本院受理原告诉被告纠纷一案因被告下落不明依照中华人民共和国民事诉讼法第九十五条之规定向你公告送达起诉状副
广西壮族自治区某区人民法院
张某某：诉通知书举证通知书开庭传票及合议庭组成人员通知书自公告之日起经过三十日即视为送达提出答辩状和举证的期限分别为公告期满后的十五日和三十日内并定于举证期满后第三日上午九时在本院第法庭公开开庭审理逾期将依法缺席判决特此公告本院受理原告诉被告纠纷一案因被告下落不明依照中华人民共和国民事诉讼法第九十五条之规定向你公告送达起诉状副本应诉通知书举证通知书开庭传票及合议庭组成人员通知书自公告之日起经过三十日即视为送达提出答辩状和举证的期限分别为公告期满后的十五日和三十日内并定于举证期满后第三日上午九时在本院第法庭公开开庭审理逾期将依法缺席判决特此公告本院受理原告诉被告纠纷一案因被告下落不明依照中华人民共和国民事诉讼法第九十五条之规定向你公告送达起诉状副本应诉通知书举证通知书开庭传票及合议庭组成人员通知书自公告之日起经过三十日即视为送达提出答辩状和
江苏省某市中级人民法院
张某某：传票及合议庭组成人员通知书自公告之日起经过三十日即视为送达提出答辩状和举证的期限分别为公告期满后的十五日和三十日内并定于举证期满后第三日上午九时在本院第法庭公开开庭审理逾期将依法缺席判决特此公告本院受理原告诉被告纠纷一案因被告下落不明依照中华人民共和国民事诉讼法第九十五条之规定向你公告送达起诉状副本应诉通知书举证通知书开庭传票及合议庭组成人员通知书自公告之日起经过三十日即视为送达提出答辩状和举证的期限分别为公告期满后的十五日和三十日内并定于举证期满后第三日上午九时在本院第法庭公开开庭审理逾期将依法缺席判决特此公告本院受理原告诉被告纠纷一案因被告下落不明依照中华人民共和
北京市某区人民法院
张某某：知书自公告之日起经过三十日即视为送达提出答辩状和举证的期限分别为公告期满后的十五日和三十日内并定于举证期满后第三日上午九时在本院第法庭公开开庭审理逾期将依法缺席判决特此公告本院受理原告诉被告纠纷一案因被告下落不明依照中华人民共和国民事诉讼法第九十五条之规定向你公告送达起诉状副本应诉通知书举证通知书开庭传票及合议庭组成人员通知书自公告之日起经过三十日即视为送达提出答辩状和举证的期限分别为公告期满后的十五日和三十日内并定于举证期满后第三日上午九时在本院第法庭公开开庭审理逾期将依法缺席判决特此公告本院受理原告诉被告纠纷一案因被告下落不明依照中华人民共和国民事诉讼法第九十五条之规定向你公告送达起诉状副本应诉通知书举证通知书开庭传票及合议庭组成人员通
河南省某县人民法院
张某某：十日即视为送达提出答辩状和举证的期限分别为公告期满后的十五日和三十日内并定于举证期满后第三日上午九时在本院第法庭公开开庭审理逾期将依法缺席判决特此公告本院受理原告诉被告纠纷一案因被告下落不明依照中华人民共和国民事诉讼法第九十五条之规定向你公告送达起诉状副本应诉通知书举证通知书开庭传票及合议庭组成人员通知书自公告之日起经过三十日即视为送达提出答辩状和举证的期限分别为公告期满后的十五日和三十日内并定于举证期满后第三日上午九时在本院第法庭公开开庭审理逾期将依法缺席判决特此公告本院受理原告诉被告纠纷一案因被告下落不明依照中华人民共和国民事诉讼法第九十五条之规定向你公告送达起诉状副本应诉通知书举证通知书开庭传票及合议庭组成人员通知书自公告之日起经过三十日即视为送达提出答辩状和举证的期限分别为公告期满后的十五日和三十日内并定
山东省某县人民法院
张某某：状和举证的期限分别为公告期满后的十五日和三十日内并定于举证期满后第三日上午九时在本院第法庭公开开庭审理逾期将依法缺席判决特此公告本院受理原告诉被告纠纷一案因被告下落不明依照中华人民共和国民事诉讼法第九十五条之规定向你公告送达起诉状副本应诉通知书举证通知书开庭传票及合议庭组成人员通知书自公告之日起经过三十日即视为送达提出答辩状和举证的期限分别为公告期满后的十五日和三十日内并定于举证期满后第三日上午九时在本院第法庭公开开庭审理逾期将依法缺席判决特此公告本院受理原告诉被告纠纷一案因被告下落不明依照中华人民共和国民事诉讼法第九十五条之规定向你公告送达起诉状副
浙江省某区人民法院
张某某：告期满后的十五日和三十日内并定于举证期满后第三日上午九时在本院第法庭公开开庭审理逾期将依法缺席判决特此公告本院受理原告诉被告纠纷一案因被告下落不明依照中华人民共和国民事诉讼法第九十五条之规定向你公告送达起诉状副本应诉通知书举证通知书开庭传票及合议庭组成人员通知书自公告之日起经过三十日即视为送达提出答辩状和举证的期限分别为公告期满后的十五日和三十日内并定于举证期满后第三日上午九时在本院第法庭公开开庭审理逾期将依法缺席判决特此公告本院受理原告诉被告纠纷一案因被告下落不明依照中华人民共和国民事诉讼法第九十五条之规定向你公告送达起诉状副本应诉通知书举证通知书开庭传票及合议庭组成人员通知书自公告之日起经过三十日即视为送达提出答辩状和
安徽省某县人民法院
张某某：日内并定于举证期满后第三日上午九时在本院第法庭公开开庭审理逾期将依法缺席判决特此公告本院受理原告诉被告纠纷一案因被告下落不明依照中华人民共和国民事诉讼法第九十五条之规定向你公告送达起诉状副本应诉通知书举证通知书开庭传票及合议庭组成人员通知书自公告之日起经过三十日即视为送达提出答辩状和举证的期限分别为公告期满后的十五日和三十日内并定于举证期满后第三日上午九时在本院第法庭公开开庭审理逾期将依法缺席判决特此公告本院受理原告诉被告纠纷一案因被告下落不明依照中华人民共和国民事诉讼法第九十五条之规定向你公告送达起诉状副本应诉通知书举证通知书开庭传票及合议庭组成人员通知书自公告之日起经过三十日即视为送达提出答辩状和举证的期限分别为公告期满后的十五日和三十日内并定于举证期满后第三日上午九时在本院第法庭公开开庭审
